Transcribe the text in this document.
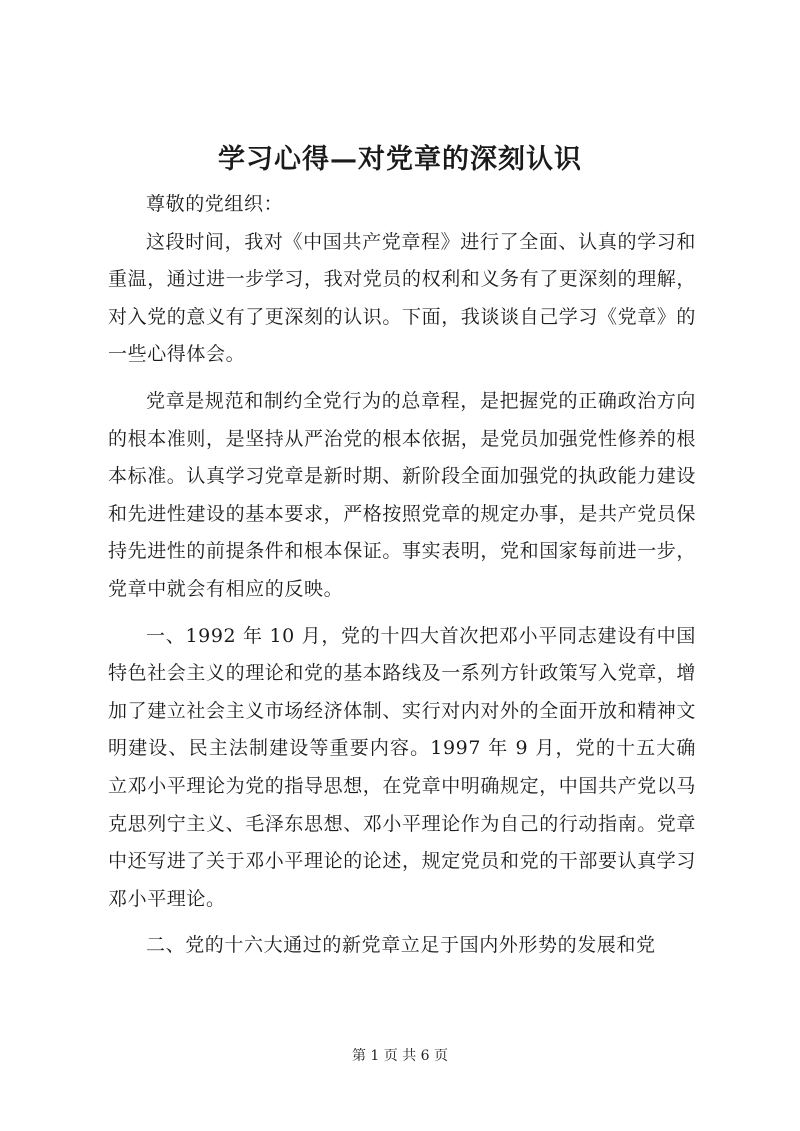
学习心得—对党章的深刻认识

尊敬的党组织：

这段时间，我对《中国共产党章程》进行了全面、认真的学习和重温，通过进一步学习，我对党员的权利和义务有了更深刻的理解，对入党的意义有了更深刻的认识。下面，我谈谈自己学习《党章》的一些心得体会。

党章是规范和制约全党行为的总章程，是把握党的正确政治方向的根本准则，是坚持从严治党的根本依据，是党员加强党性修养的根本标准。认真学习党章是新时期、新阶段全面加强党的执政能力建设和先进性建设的基本要求，严格按照党章的规定办事，是共产党员保持先进性的前提条件和根本保证。事实表明，党和国家每前进一步，党章中就会有相应的反映。

一、1992 年 10 月，党的十四大首次把邓小平同志建设有中国特色社会主义的理论和党的基本路线及一系列方针政策写入党章，增加了建立社会主义市场经济体制、实行对内对外的全面开放和精神文明建设、民主法制建设等重要内容。1997 年 9 月，党的十五大确立邓小平理论为党的指导思想，在党章中明确规定，中国共产党以马克思列宁主义、毛泽东思想、邓小平理论作为自己的行动指南。党章中还写进了关于邓小平理论的论述，规定党员和党的干部要认真学习邓小平理论。

二、党的十六大通过的新党章立足于国内外形势的发展和党

第 1 页 共 6 页
